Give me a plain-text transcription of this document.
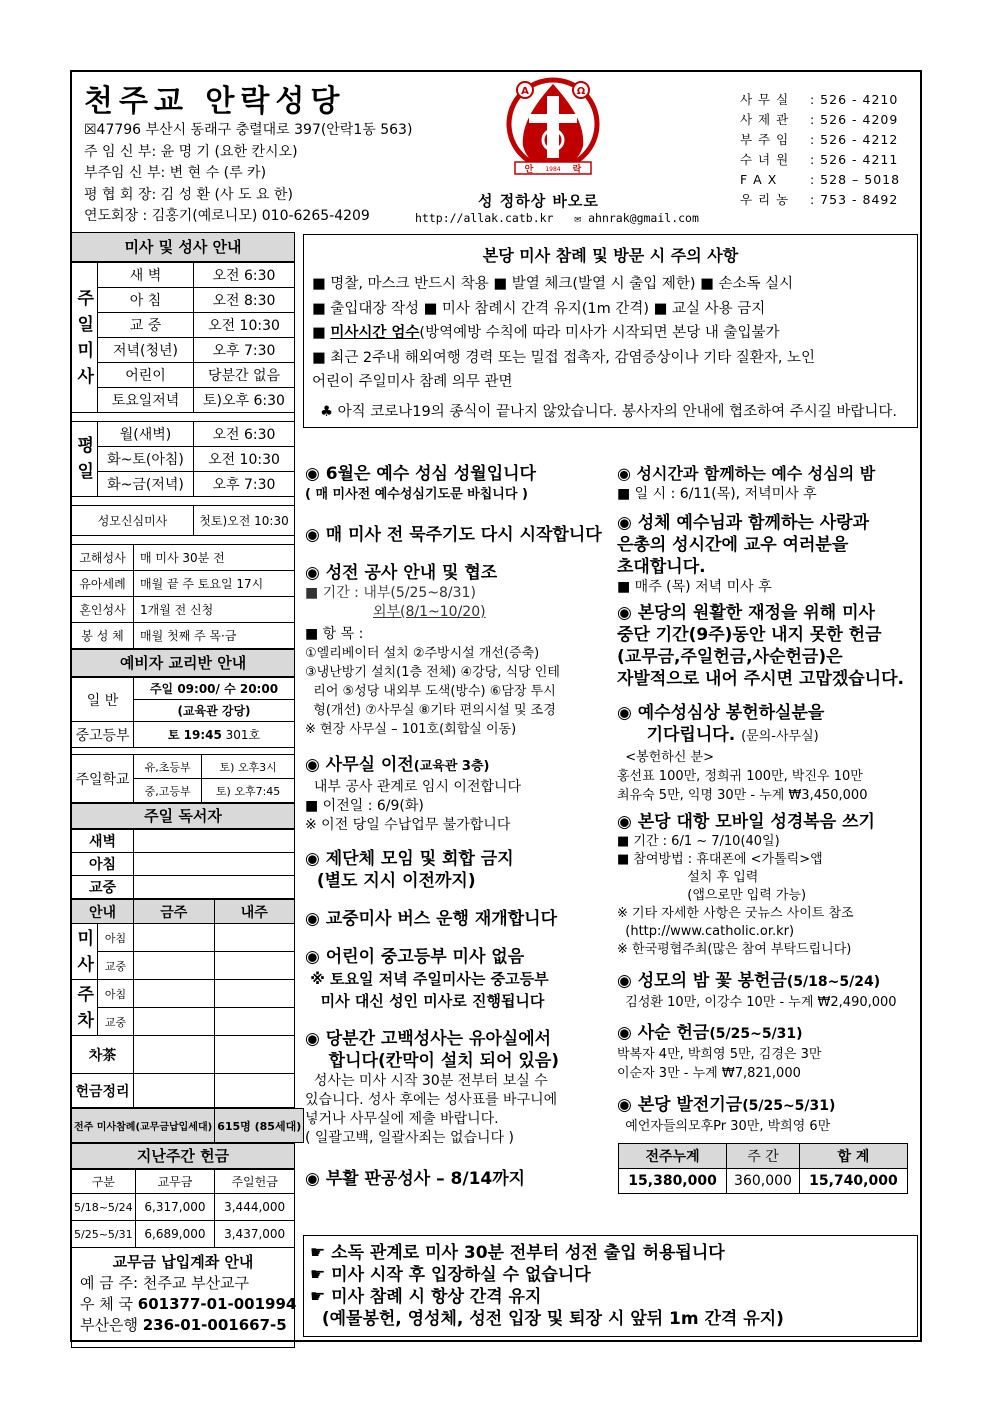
천주교 안락성당
☒47796 부산시 동래구 충렬대로 397(안락1동 563)
주 임 신 부: 윤 명 기 (요한 칸시오)
부주임 신 부: 변 현 수 (루 카)
평 협 회 장: 김 성 환 (사 도 요 한)
연도회장 : 김홍기(예로니모) 010-6265-4209
A	Ω
안 1984 락
성 정하상 바오로
http://allak.catb.kr ✉ ahnrak@gmail.com
사 무 실	: 526 - 4210
사 제 관	: 526 - 4209
부 주 임	: 526 - 4212
수 녀 원	: 526 - 4211
F A X	: 528 – 5018
우 리 농	: 753 - 8492
미사 및 성사 안내
주일미사	새 벽	오전 6:30
	아 침	오전 8:30
	교 중	오전 10:30
	저녁(청년)	오후 7:30
	어린이	당분간 없음
	토요일저녁	토)오후 6:30
평일	월(새벽)	오전 6:30
	화~토(아침)	오전 10:30
	화~금(저녁)	오후 7:30
성모신심미사	첫토)오전 10:30
고해성사	매 미사 30분 전
유아세례	매월 끝 주 토요일 17시
혼인성사	1개월 전 신청
봉 성 체	매월 첫째 주 목·금
예비자 교리반 안내
일 반	주일 09:00/ 수 20:00
	(교육관 강당)
중고등부	토 19:45 301호
주일학교	유,초등부	토) 오후3시
	중,고등부	토) 오후7:45
주일 독서자
새벽	
아침	
교중	
안내		금주	내주

미사	아침		
	교중		

주차	아침		
	교중		
차茶			
헌금정리			
전주 미사참례(교무금납입세대)	615명 (85세대)
지난주간 헌금
구분	교무금	주일헌금
5/18~5/24	6,317,000	3,444,000
5/25~5/31	6,689,000	3,437,000
교무금 납입계좌 안내
예 금 주: 천주교 부산교구
우 체 국 601377-01-001994
부산은행 236-01-001667-5
본당 미사 참례 및 방문 시 주의 사항
■ 명찰, 마스크 반드시 착용 ■ 발열 체크(발열 시 출입 제한) ■ 손소독 실시
■ 출입대장 작성 ■ 미사 참례시 간격 유지(1m 간격) ■ 교실 사용 금지
■ 미사시간 엄수(방역예방 수칙에 따라 미사가 시작되면 본당 내 출입불가
■ 최근 2주내 해외여행 경력 또는 밀접 접촉자, 감염증상이나 기타 질환자, 노인
어린이 주일미사 참례 의무 관면
♣ 아직 코로나19의 종식이 끝나지 않았습니다. 봉사자의 안내에 협조하여 주시길 바랍니다.
◉ 6월은 예수 성심 성월입니다
( 매 미사전 예수성심기도문 바칩니다 )
◉ 매 미사 전 묵주기도 다시 시작합니다
◉ 성전 공사 안내 및 협조
■ 기간 : 내부(5/25~8/31)
외부(8/1~10/20)
■ 항 목 :
①엘리베이터 설치 ②주방시설 개선(증축)
③냉난방기 설치(1층 전체) ④강당, 식당 인테
리어 ⑤성당 내외부 도색(방수) ⑥담장 투시
형(개선) ⑦사무실 ⑧기타 편의시설 및 조경
※ 현장 사무실 – 101호(회합실 이동)
◉ 사무실 이전(교육관 3층)
내부 공사 관계로 임시 이전합니다
■ 이전일 : 6/9(화)
※ 이전 당일 수납업무 불가합니다
◉ 제단체 모임 및 회합 금지
(별도 지시 이전까지)
◉ 교중미사 버스 운행 재개합니다
◉ 어린이 중고등부 미사 없음
※ 토요일 저녁 주일미사는 중고등부
미사 대신 성인 미사로 진행됩니다
◉ 당분간 고백성사는 유아실에서
합니다(칸막이 설치 되어 있음)
성사는 미사 시작 30분 전부터 보실 수
있습니다. 성사 후에는 성사표를 바구니에
넣거나 사무실에 제출 바랍니다.
( 일괄고백, 일괄사죄는 없습니다 )
◉ 부활 판공성사 – 8/14까지
◉ 성시간과 함께하는 예수 성심의 밤
■ 일 시 : 6/11(목), 저녁미사 후
◉ 성체 예수님과 함께하는 사랑과
은총의 성시간에 교우 여러분을
초대합니다.
■ 매주 (목) 저녁 미사 후
◉ 본당의 원활한 재정을 위해 미사
중단 기간(9주)동안 내지 못한 헌금
(교무금,주일헌금,사순헌금)은
자발적으로 내어 주시면 고맙겠습니다.
◉ 예수성심상 봉헌하실분을
기다립니다. (문의-사무실)
<봉헌하신 분>
홍선표 100만, 정희귀 100만, 박진우 10만
최유숙 5만, 익명 30만 - 누계 ₩3,450,000
◉ 본당 대항 모바일 성경복음 쓰기
■ 기간 : 6/1 ~ 7/10(40일)
■ 참여방법 : 휴대폰에 <가톨릭>앱
설치 후 입력
(앱으로만 입력 가능)
※ 기타 자세한 사항은 굿뉴스 사이트 참조
(http://www.catholic.or.kr)
※ 한국평협주최(많은 참여 부탁드립니다)
◉ 성모의 밤 꽃 봉헌금(5/18~5/24)
김성환 10만, 이강수 10만 - 누계 ₩2,490,000
◉ 사순 헌금(5/25~5/31)
박복자 4만, 박희영 5만, 김경은 3만
이순자 3만 - 누계 ₩7,821,000
◉ 본당 발전기금(5/25~5/31)
예언자들의모후Pr 30만, 박희영 6만
전주누계	주 간	합 계
15,380,000	360,000	15,740,000
☛ 소독 관계로 미사 30분 전부터 성전 출입 허용됩니다
☛ 미사 시작 후 입장하실 수 없습니다
☛ 미사 참례 시 항상 간격 유지
(예물봉헌, 영성체, 성전 입장 및 퇴장 시 앞뒤 1m 간격 유지)
